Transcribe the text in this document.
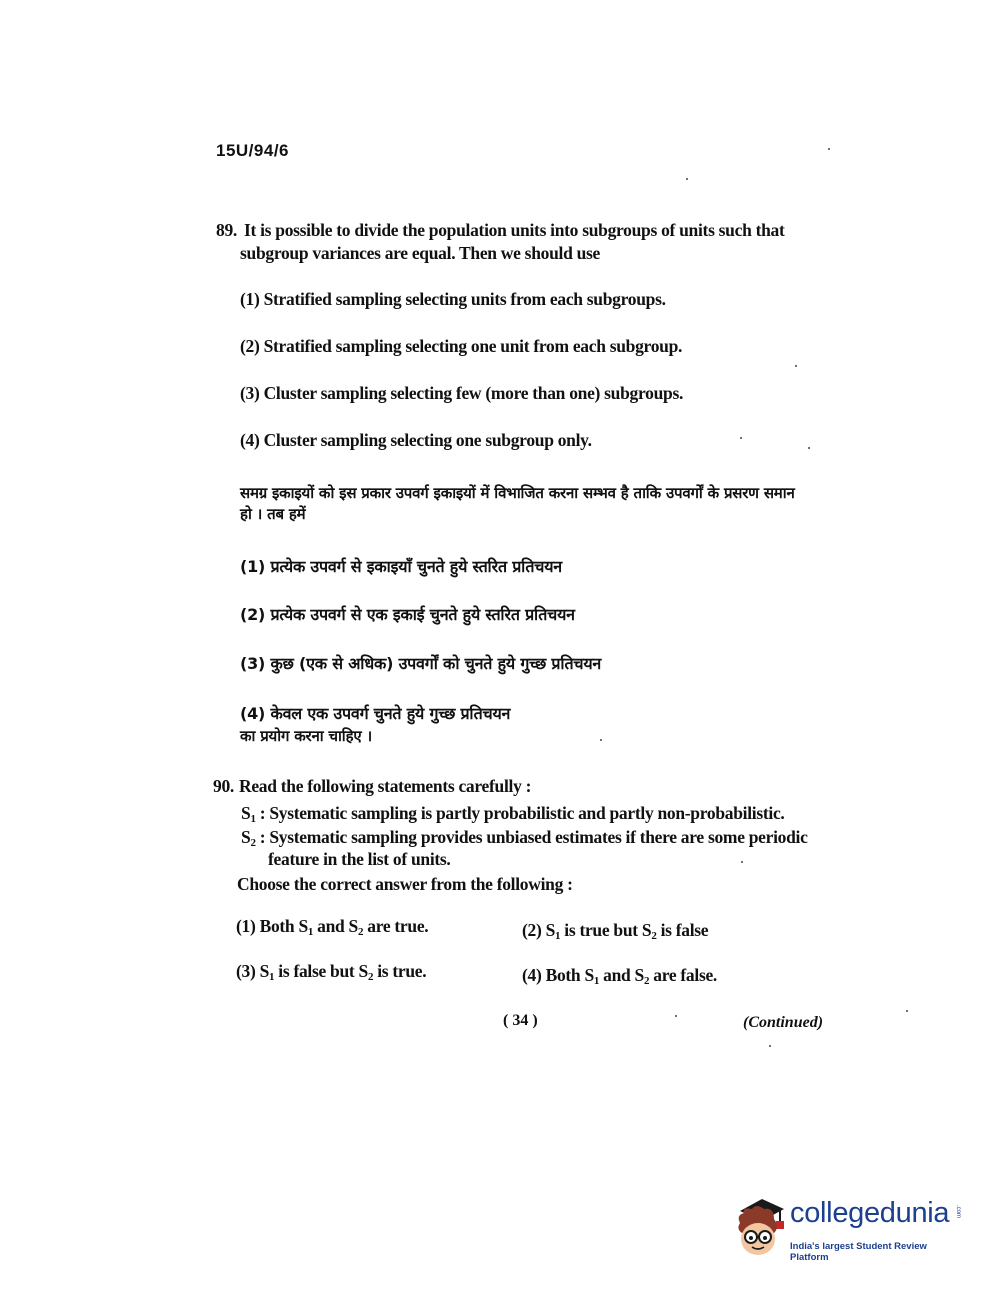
15U/94/6
89. It is possible to divide the population units into subgroups of units such that
subgroup variances are equal. Then we should use
(1) Stratified sampling selecting units from each subgroups.
(2) Stratified sampling selecting one unit from each subgroup.
(3) Cluster sampling selecting few (more than one) subgroups.
(4) Cluster sampling selecting one subgroup only.
समग्र इकाइयों को इस प्रकार उपवर्ग इकाइयों में विभाजित करना सम्भव है ताकि उपवर्गों के प्रसरण समान
हो । तब हमें
(1) प्रत्येक उपवर्ग से इकाइयाँ चुनते हुये स्तरित प्रतिचयन
(2) प्रत्येक उपवर्ग से एक इकाई चुनते हुये स्तरित प्रतिचयन
(3) कुछ (एक से अधिक) उपवर्गों को चुनते हुये गुच्छ प्रतिचयन
(4) केवल एक उपवर्ग चुनते हुये गुच्छ प्रतिचयन
का प्रयोग करना चाहिए ।
90. Read the following statements carefully :
$S_1$ : Systematic sampling is partly probabilistic and partly non-probabilistic.
$S_2$ : Systematic sampling provides unbiased estimates if there are some periodic
feature in the list of units.
Choose the correct answer from the following :
(1) Both $S_1$ and $S_2$ are true.	(2) $S_1$ is true but $S_2$ is false
(3) $S_1$ is false but $S_2$ is true.	(4) Both $S_1$ and $S_2$ are false.
( 34 )	(Continued)
collegedunia .com
India's largest Student Review Platform
